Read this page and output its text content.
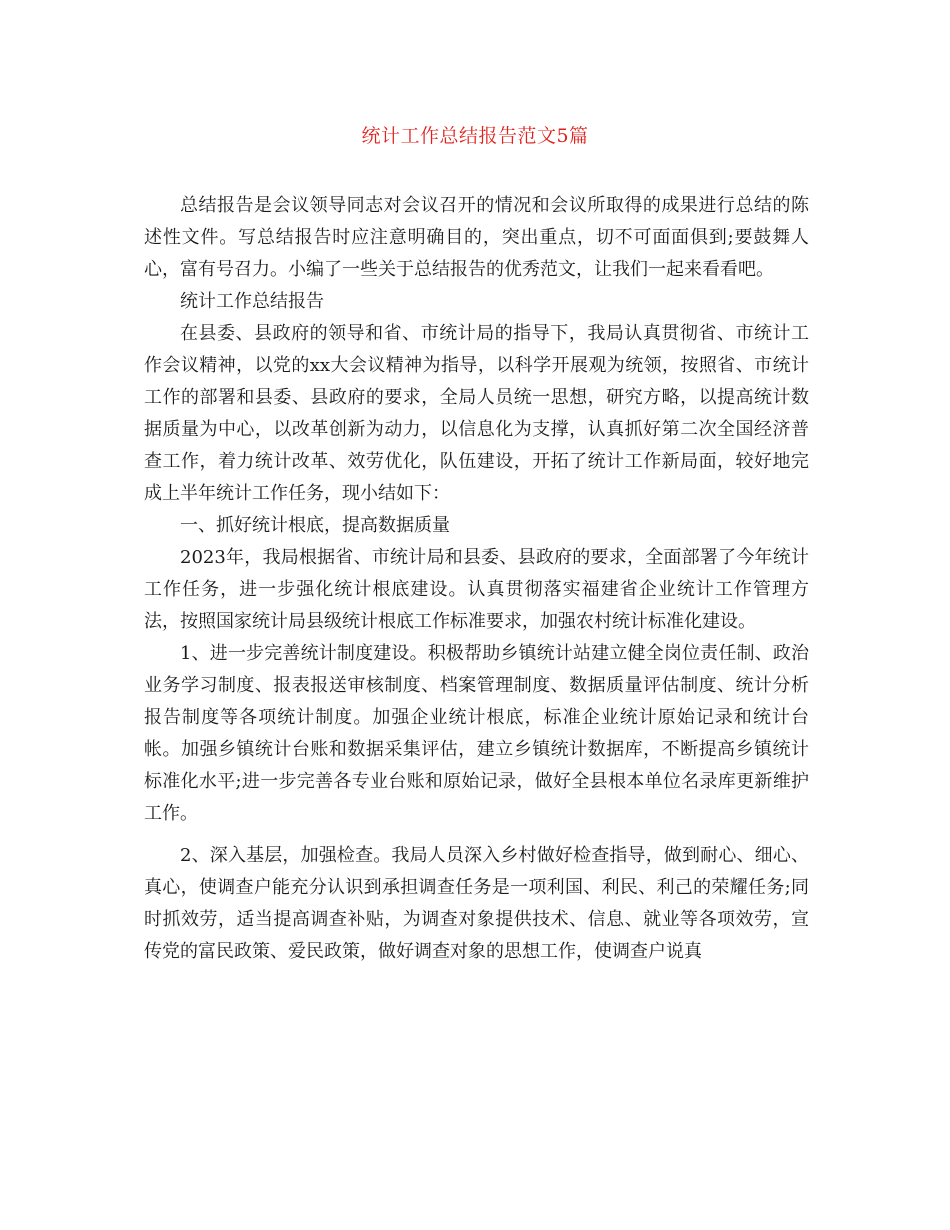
统计工作总结报告范文5篇

总结报告是会议领导同志对会议召开的情况和会议所取得的成果进行总结的陈述性文件。写总结报告时应注意明确目的，突出重点，切不可面面俱到;要鼓舞人心，富有号召力。小编了一些关于总结报告的优秀范文，让我们一起来看看吧。

统计工作总结报告

在县委、县政府的领导和省、市统计局的指导下，我局认真贯彻省、市统计工作会议精神，以党的xx大会议精神为指导，以科学开展观为统领，按照省、市统计工作的部署和县委、县政府的要求，全局人员统一思想，研究方略，以提高统计数据质量为中心，以改革创新为动力，以信息化为支撑，认真抓好第二次全国经济普查工作，着力统计改革、效劳优化，队伍建设，开拓了统计工作新局面，较好地完成上半年统计工作任务，现小结如下：

一、抓好统计根底，提高数据质量

2023年，我局根据省、市统计局和县委、县政府的要求，全面部署了今年统计工作任务，进一步强化统计根底建设。认真贯彻落实福建省企业统计工作管理方法，按照国家统计局县级统计根底工作标准要求，加强农村统计标准化建设。

1、进一步完善统计制度建设。积极帮助乡镇统计站建立健全岗位责任制、政治业务学习制度、报表报送审核制度、档案管理制度、数据质量评估制度、统计分析报告制度等各项统计制度。加强企业统计根底，标准企业统计原始记录和统计台帐。加强乡镇统计台账和数据采集评估，建立乡镇统计数据库，不断提高乡镇统计标准化水平;进一步完善各专业台账和原始记录，做好全县根本单位名录库更新维护工作。

2、深入基层，加强检查。我局人员深入乡村做好检查指导，做到耐心、细心、真心，使调查户能充分认识到承担调查任务是一项利国、利民、利己的荣耀任务;同时抓效劳，适当提高调查补贴，为调查对象提供技术、信息、就业等各项效劳，宣传党的富民政策、爱民政策，做好调查对象的思想工作，使调查户说真
